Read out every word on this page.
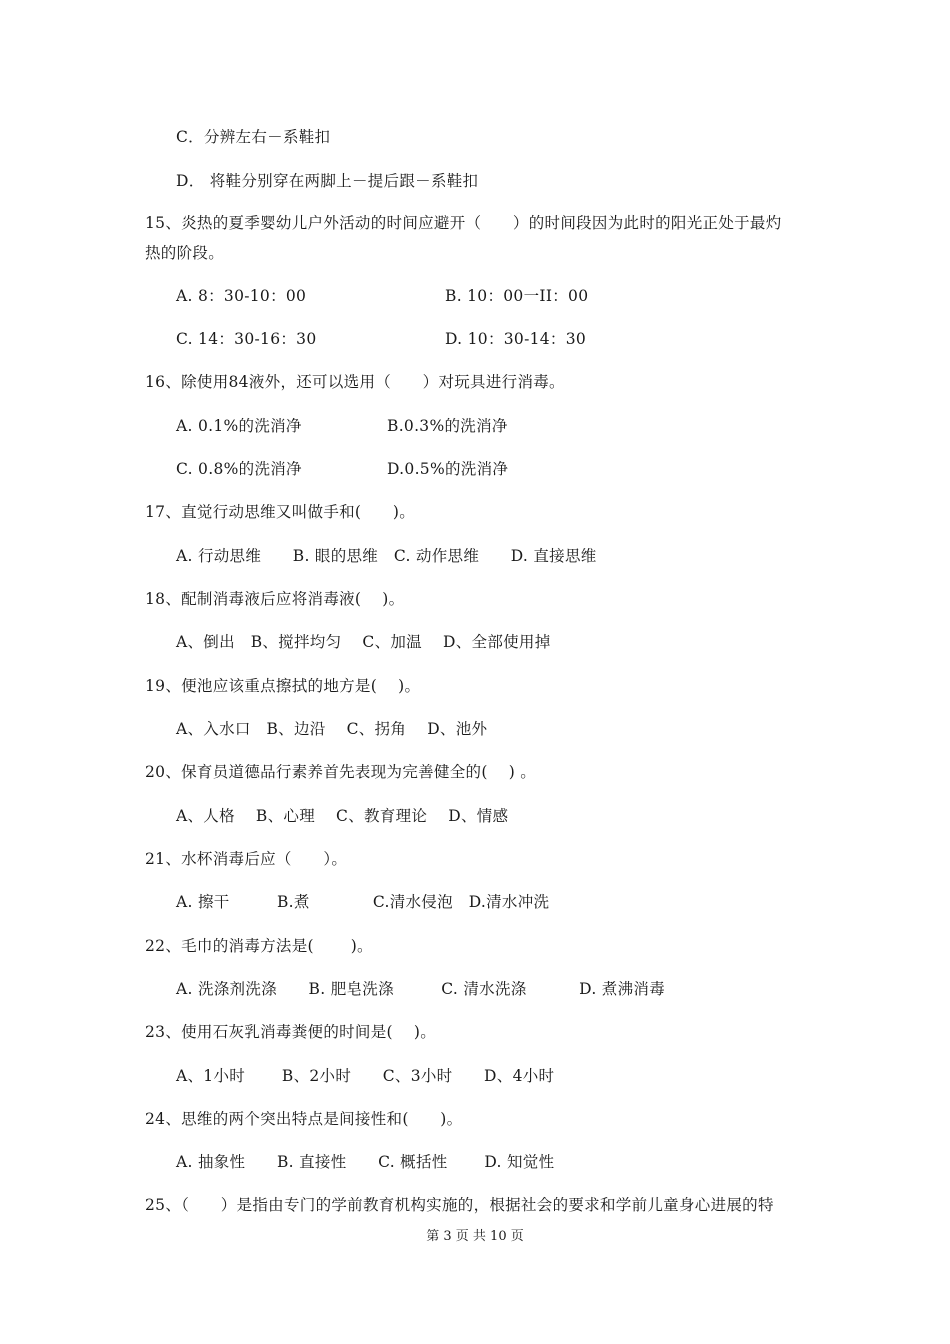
C．分辨左右－系鞋扣
D． 将鞋分别穿在两脚上－提后跟－系鞋扣
15、炎热的夏季婴幼儿户外活动的时间应避开（　　）的时间段因为此时的阳光正处于最灼
热的阶段。
A. 8：30-10：00	B. 10：00一II：00
C. 14：30-16：30	D. 10：30-14：30
16、除使用84液外，还可以选用（　　）对玩具进行消毒。
A. 0.1%的洗消净	B.0.3%的洗消净
C. 0.8%的洗消净	D.0.5%的洗消净
17、直觉行动思维又叫做手和(　　)。
A. 行动思维　　B. 眼的思维　C. 动作思维　　D. 直接思维
18、配制消毒液后应将消毒液(　 )。
A、倒出　B、搅拌均匀　 C、加温　 D、全部使用掉
19、便池应该重点擦拭的地方是(　 )。
A、入水口　B、边沿　 C、拐角　 D、池外
20、保育员道德品行素养首先表现为完善健全的(　 ) 。
A、人格　 B、心理　 C、教育理论　 D、情感
21、水杯消毒后应（　　）。
A. 擦干　　　B.煮　　　　C.清水侵泡　D.清水冲洗
22、毛巾的消毒方法是(　　 )。
A. 洗涤剂洗涤　　B. 肥皂洗涤　　　C. 清水洗涤　　　 D. 煮沸消毒
23、使用石灰乳消毒粪便的时间是(　 )。
A、1小时　　 B、2小时　　C、3小时　　D、4小时
24、思维的两个突出特点是间接性和(　　)。
A. 抽象性　　B. 直接性　　C. 概括性　　 D. 知觉性
25、（　　）是指由专门的学前教育机构实施的，根据社会的要求和学前儿童身心进展的特
第 3 页 共 10 页
